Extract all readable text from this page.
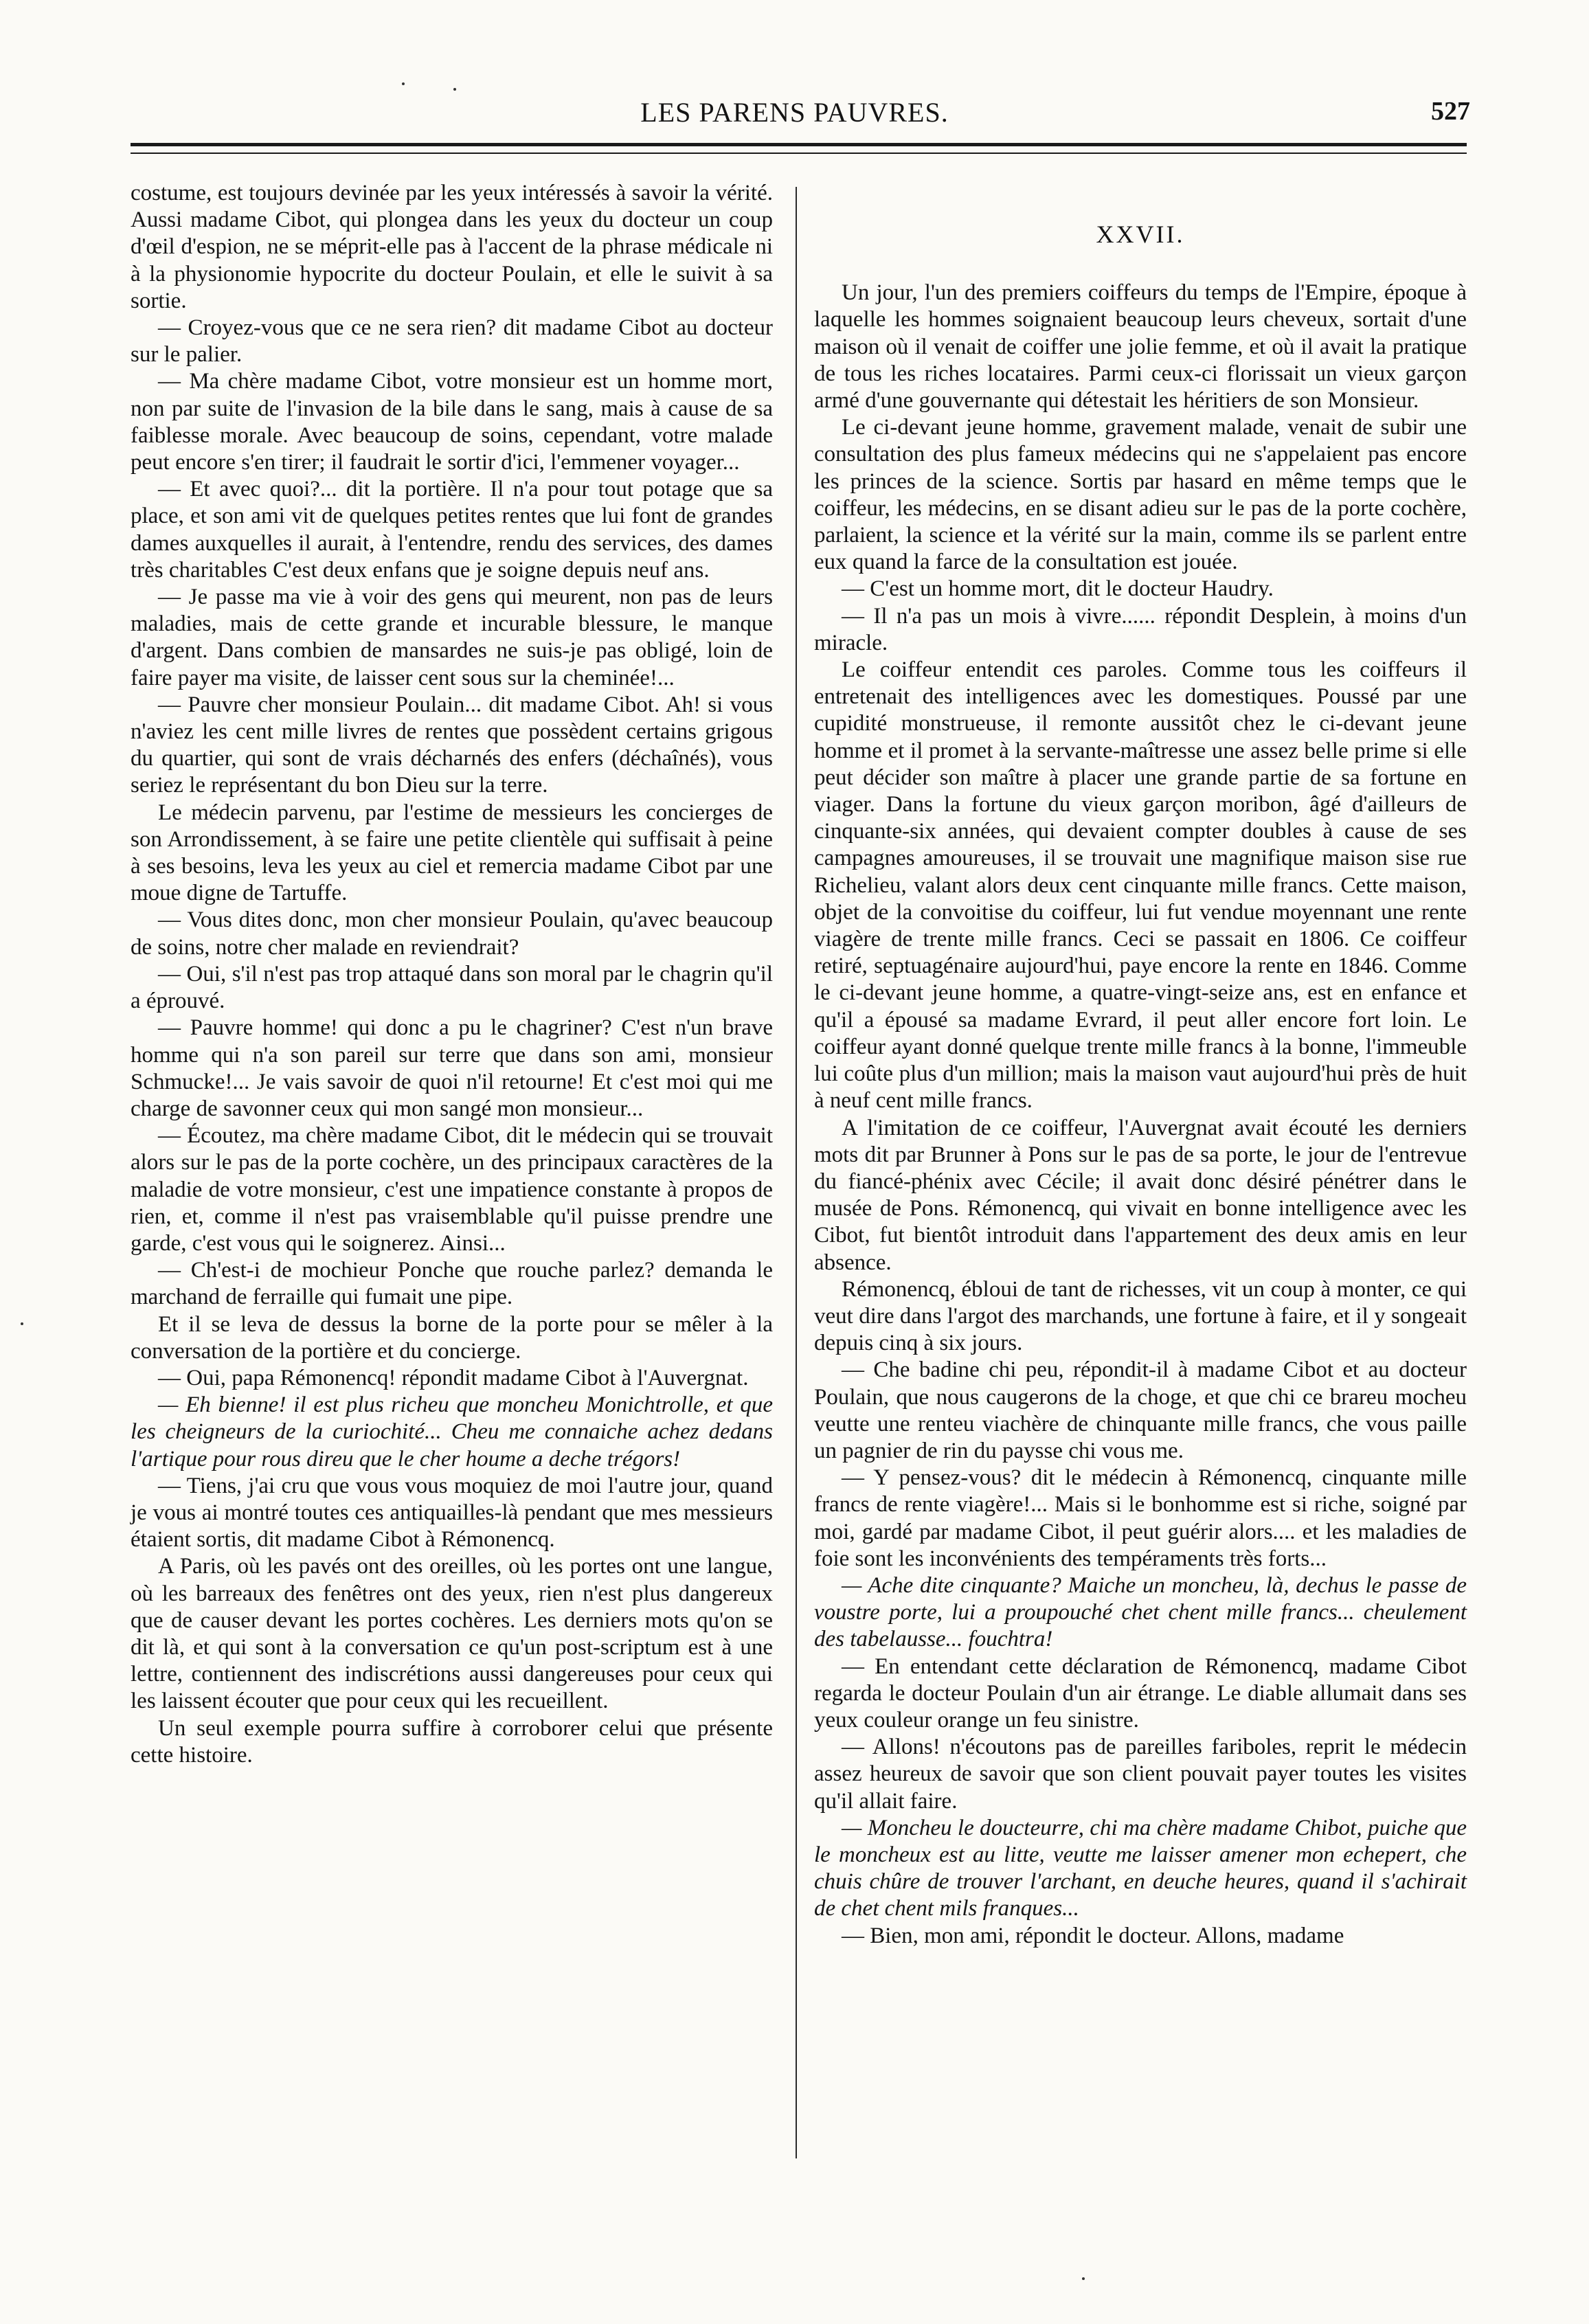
LES PARENS PAUVRES.	527

costume, est toujours devinée par les yeux intéressés à savoir la vérité. Aussi madame Cibot, qui plongea dans les yeux du docteur un coup d'œil d'espion, ne se méprit-elle pas à l'accent de la phrase médicale ni à la physionomie hypocrite du docteur Poulain, et elle le suivit à sa sortie.

— Croyez-vous que ce ne sera rien? dit madame Cibot au docteur sur le palier.

— Ma chère madame Cibot, votre monsieur est un homme mort, non par suite de l'invasion de la bile dans le sang, mais à cause de sa faiblesse morale. Avec beaucoup de soins, cependant, votre malade peut encore s'en tirer; il faudrait le sortir d'ici, l'emmener voyager...

— Et avec quoi?... dit la portière. Il n'a pour tout potage que sa place, et son ami vit de quelques petites rentes que lui font de grandes dames auxquelles il aurait, à l'entendre, rendu des services, des dames très charitables C'est deux enfans que je soigne depuis neuf ans.

— Je passe ma vie à voir des gens qui meurent, non pas de leurs maladies, mais de cette grande et incurable blessure, le manque d'argent. Dans combien de mansardes ne suis-je pas obligé, loin de faire payer ma visite, de laisser cent sous sur la cheminée!...

— Pauvre cher monsieur Poulain... dit madame Cibot. Ah! si vous n'aviez les cent mille livres de rentes que possèdent certains grigous du quartier, qui sont de vrais décharnés des enfers (déchaînés), vous seriez le représentant du bon Dieu sur la terre.

Le médecin parvenu, par l'estime de messieurs les concierges de son Arrondissement, à se faire une petite clientèle qui suffisait à peine à ses besoins, leva les yeux au ciel et remercia madame Cibot par une moue digne de Tartuffe.

— Vous dites donc, mon cher monsieur Poulain, qu'avec beaucoup de soins, notre cher malade en reviendrait?

— Oui, s'il n'est pas trop attaqué dans son moral par le chagrin qu'il a éprouvé.

— Pauvre homme! qui donc a pu le chagriner? C'est n'un brave homme qui n'a son pareil sur terre que dans son ami, monsieur Schmucke!... Je vais savoir de quoi n'il retourne! Et c'est moi qui me charge de savonner ceux qui mon sangé mon monsieur...

— Écoutez, ma chère madame Cibot, dit le médecin qui se trouvait alors sur le pas de la porte cochère, un des principaux caractères de la maladie de votre monsieur, c'est une impatience constante à propos de rien, et, comme il n'est pas vraisemblable qu'il puisse prendre une garde, c'est vous qui le soignerez. Ainsi...

— Ch'est-i de mochieur Ponche que rouche parlez? demanda le marchand de ferraille qui fumait une pipe.

Et il se leva de dessus la borne de la porte pour se mêler à la conversation de la portière et du concierge.

— Oui, papa Rémonencq! répondit madame Cibot à l'Auvergnat.

— Eh bienne! il est plus richeu que moncheu Monichtrolle, et que les cheigneurs de la curiochité... Cheu me connaiche achez dedans l'artique pour rous direu que le cher houme a deche trégors!

— Tiens, j'ai cru que vous vous moquiez de moi l'autre jour, quand je vous ai montré toutes ces antiquailles-là pendant que mes messieurs étaient sortis, dit madame Cibot à Rémonencq.

A Paris, où les pavés ont des oreilles, où les portes ont une langue, où les barreaux des fenêtres ont des yeux, rien n'est plus dangereux que de causer devant les portes cochères. Les derniers mots qu'on se dit là, et qui sont à la conversation ce qu'un post-scriptum est à une lettre, contiennent des indiscrétions aussi dangereuses pour ceux qui les laissent écouter que pour ceux qui les recueillent.

Un seul exemple pourra suffire à corroborer celui que présente cette histoire.

XXVII.

Un jour, l'un des premiers coiffeurs du temps de l'Empire, époque à laquelle les hommes soignaient beaucoup leurs cheveux, sortait d'une maison où il venait de coiffer une jolie femme, et où il avait la pratique de tous les riches locataires. Parmi ceux-ci florissait un vieux garçon armé d'une gouvernante qui détestait les héritiers de son Monsieur.

Le ci-devant jeune homme, gravement malade, venait de subir une consultation des plus fameux médecins qui ne s'appelaient pas encore les princes de la science. Sortis par hasard en même temps que le coiffeur, les médecins, en se disant adieu sur le pas de la porte cochère, parlaient, la science et la vérité sur la main, comme ils se parlent entre eux quand la farce de la consultation est jouée.

— C'est un homme mort, dit le docteur Haudry.

— Il n'a pas un mois à vivre...... répondit Desplein, à moins d'un miracle.

Le coiffeur entendit ces paroles. Comme tous les coiffeurs il entretenait des intelligences avec les domestiques. Poussé par une cupidité monstrueuse, il remonte aussitôt chez le ci-devant jeune homme et il promet à la servante-maîtresse une assez belle prime si elle peut décider son maître à placer une grande partie de sa fortune en viager. Dans la fortune du vieux garçon moribon, âgé d'ailleurs de cinquante-six années, qui devaient compter doubles à cause de ses campagnes amoureuses, il se trouvait une magnifique maison sise rue Richelieu, valant alors deux cent cinquante mille francs. Cette maison, objet de la convoitise du coiffeur, lui fut vendue moyennant une rente viagère de trente mille francs. Ceci se passait en 1806. Ce coiffeur retiré, septuagénaire aujourd'hui, paye encore la rente en 1846. Comme le ci-devant jeune homme, a quatre-vingt-seize ans, est en enfance et qu'il a épousé sa madame Evrard, il peut aller encore fort loin. Le coiffeur ayant donné quelque trente mille francs à la bonne, l'immeuble lui coûte plus d'un million; mais la maison vaut aujourd'hui près de huit à neuf cent mille francs.

A l'imitation de ce coiffeur, l'Auvergnat avait écouté les derniers mots dit par Brunner à Pons sur le pas de sa porte, le jour de l'entrevue du fiancé-phénix avec Cécile; il avait donc désiré pénétrer dans le musée de Pons. Rémonencq, qui vivait en bonne intelligence avec les Cibot, fut bientôt introduit dans l'appartement des deux amis en leur absence.

Rémonencq, ébloui de tant de richesses, vit un coup à monter, ce qui veut dire dans l'argot des marchands, une fortune à faire, et il y songeait depuis cinq à six jours.

— Che badine chi peu, répondit-il à madame Cibot et au docteur Poulain, que nous caugerons de la choge, et que chi ce brareu mocheu veutte une renteu viachère de chinquante mille francs, che vous paille un pagnier de rin du paysse chi vous me.

— Y pensez-vous? dit le médecin à Rémonencq, cinquante mille francs de rente viagère!... Mais si le bonhomme est si riche, soigné par moi, gardé par madame Cibot, il peut guérir alors.... et les maladies de foie sont les inconvénients des tempéraments très forts...

— Ache dite cinquante? Maiche un moncheu, là, dechus le passe de voustre porte, lui a proupouché chet chent mille francs... cheulement des tabelausse... fouchtra!

— En entendant cette déclaration de Rémonencq, madame Cibot regarda le docteur Poulain d'un air étrange. Le diable allumait dans ses yeux couleur orange un feu sinistre.

— Allons! n'écoutons pas de pareilles fariboles, reprit le médecin assez heureux de savoir que son client pouvait payer toutes les visites qu'il allait faire.

— Moncheu le doucteurre, chi ma chère madame Chibot, puiche que le moncheux est au litte, veutte me laisser amener mon echepert, che chuis chûre de trouver l'archant, en deuche heures, quand il s'achirait de chet chent mils franques...

— Bien, mon ami, répondit le docteur. Allons, madame
